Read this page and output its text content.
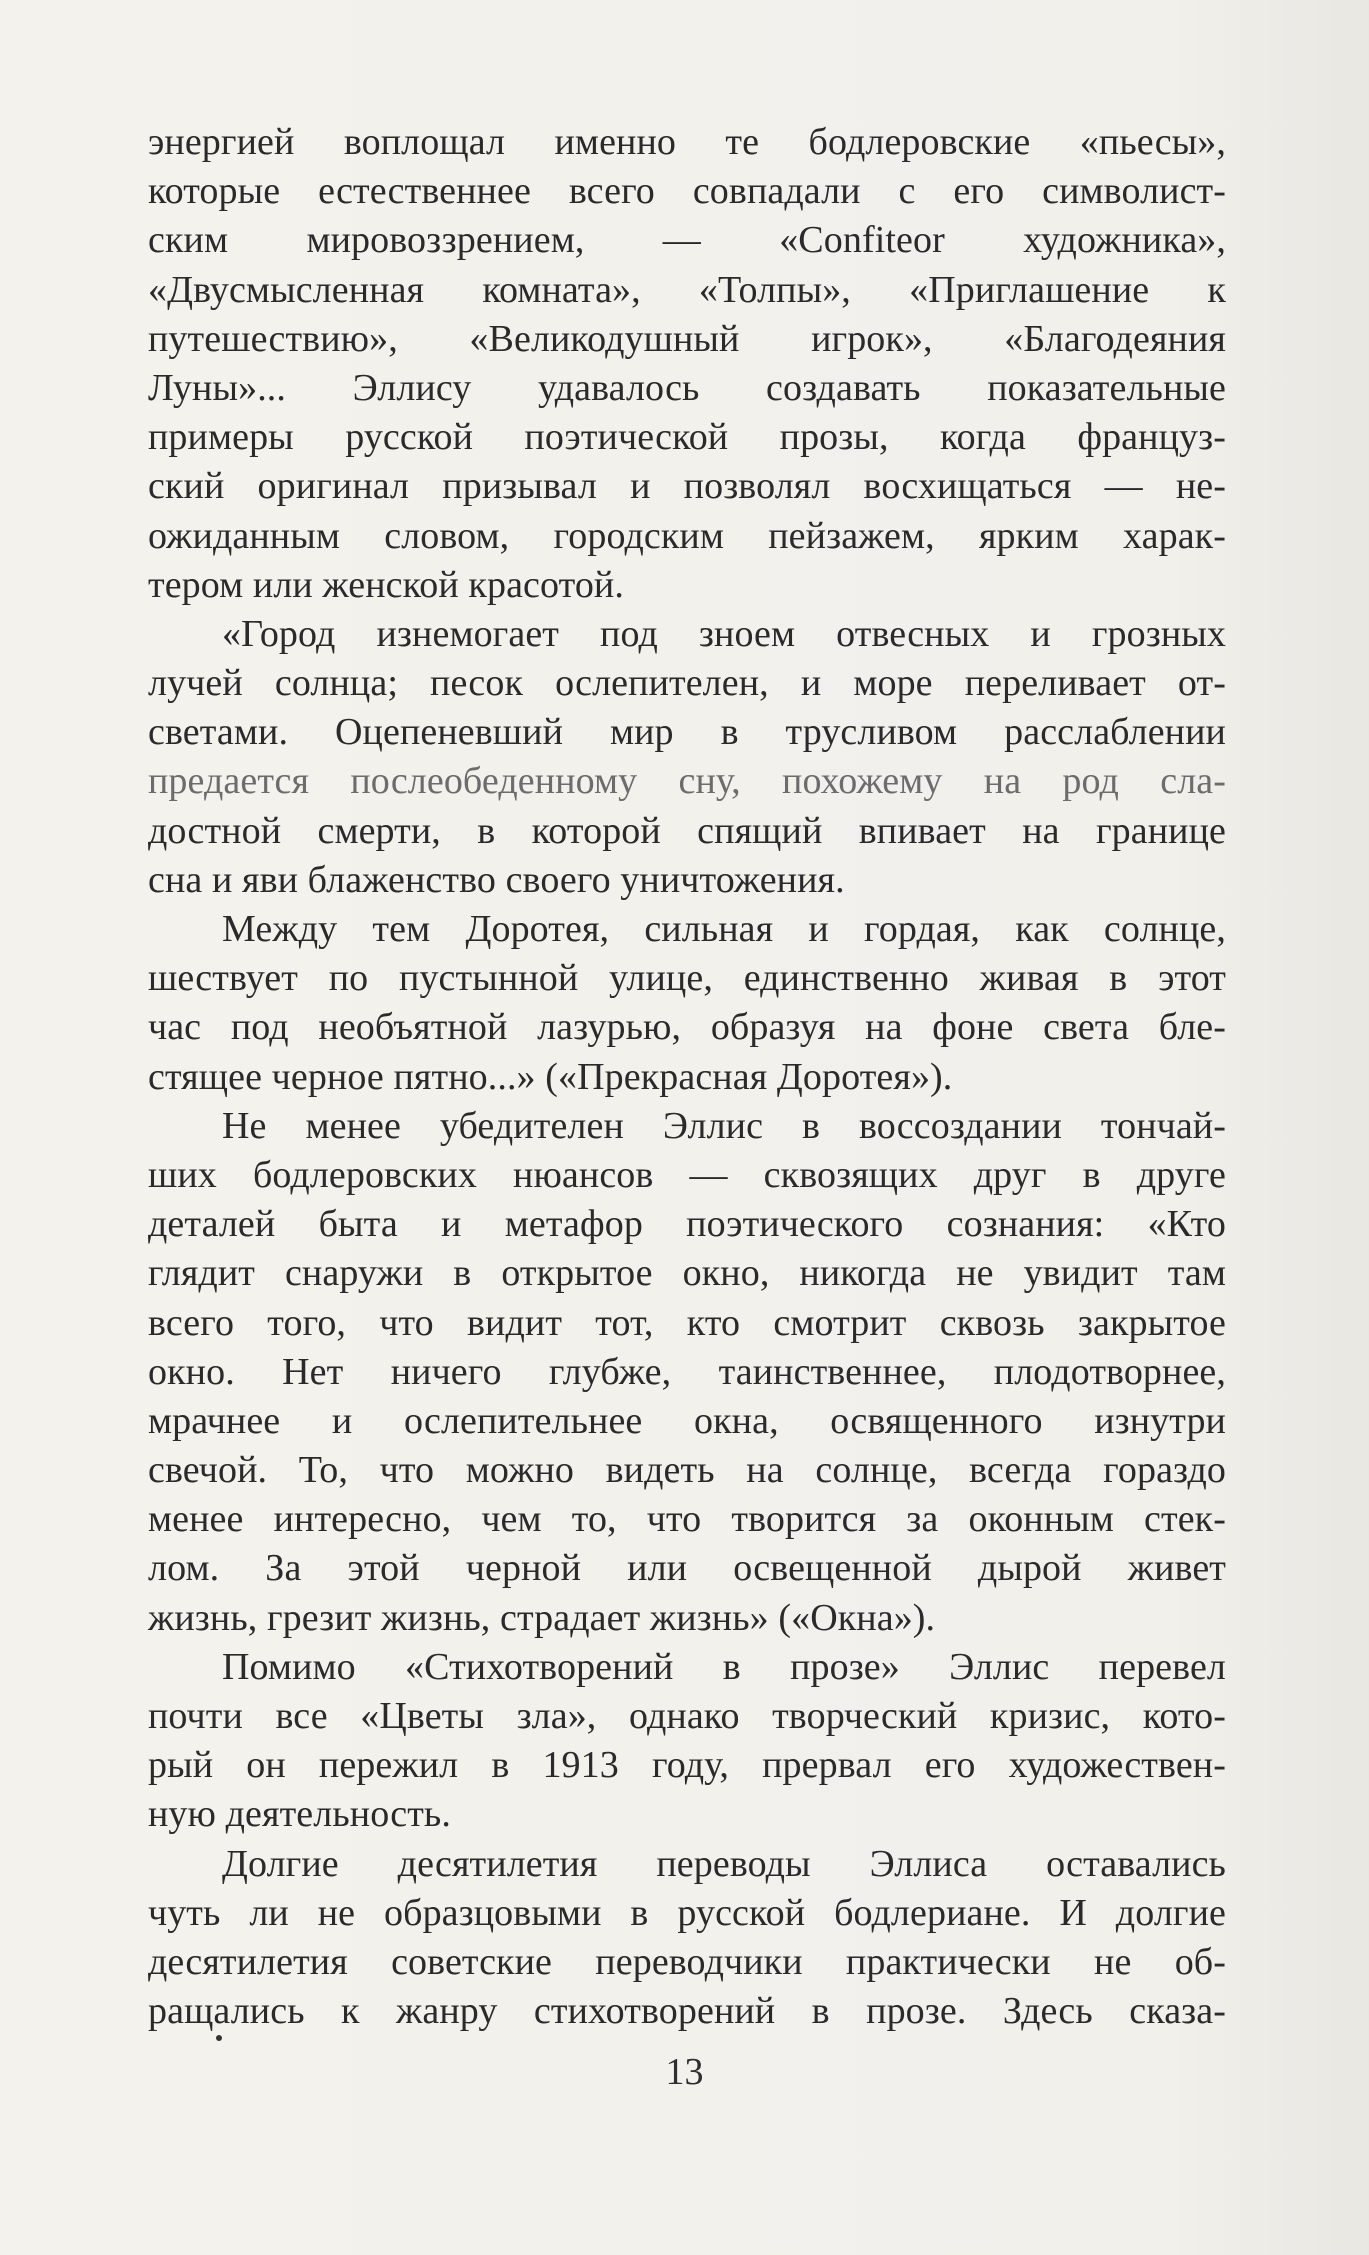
энергией воплощал именно те бодлеровские «пьесы»,
которые естественнее всего совпадали с его символист-
ским мировоззрением, — «Confiteor художника»,
«Двусмысленная комната», «Толпы», «Приглашение к
путешествию», «Великодушный игрок», «Благодеяния
Луны»... Эллису удавалось создавать показательные
примеры русской поэтической прозы, когда француз-
ский оригинал призывал и позволял восхищаться — не-
ожиданным словом, городским пейзажем, ярким харак-
тером или женской красотой.
«Город изнемогает под зноем отвесных и грозных
лучей солнца; песок ослепителен, и море переливает от-
светами. Оцепеневший мир в трусливом расслаблении
предается послеобеденному сну, похожему на род сла-
достной смерти, в которой спящий впивает на границе
сна и яви блаженство своего уничтожения.
Между тем Доротея, сильная и гордая, как солнце,
шествует по пустынной улице, единственно живая в этот
час под необъятной лазурью, образуя на фоне света бле-
стящее черное пятно...» («Прекрасная Доротея»).
Не менее убедителен Эллис в воссоздании тончай-
ших бодлеровских нюансов — сквозящих друг в друге
деталей быта и метафор поэтического сознания: «Кто
глядит снаружи в открытое окно, никогда не увидит там
всего того, что видит тот, кто смотрит сквозь закрытое
окно. Нет ничего глубже, таинственнее, плодотворнее,
мрачнее и ослепительнее окна, освященного изнутри
свечой. То, что можно видеть на солнце, всегда гораздо
менее интересно, чем то, что творится за оконным стек-
лом. За этой черной или освещенной дырой живет
жизнь, грезит жизнь, страдает жизнь» («Окна»).
Помимо «Стихотворений в прозе» Эллис перевел
почти все «Цветы зла», однако творческий кризис, кото-
рый он пережил в 1913 году, прервал его художествен-
ную деятельность.
Долгие десятилетия переводы Эллиса оставались
чуть ли не образцовыми в русской бодлериане. И долгие
десятилетия советские переводчики практически не об-
ращались к жанру стихотворений в прозе. Здесь сказа-
13
